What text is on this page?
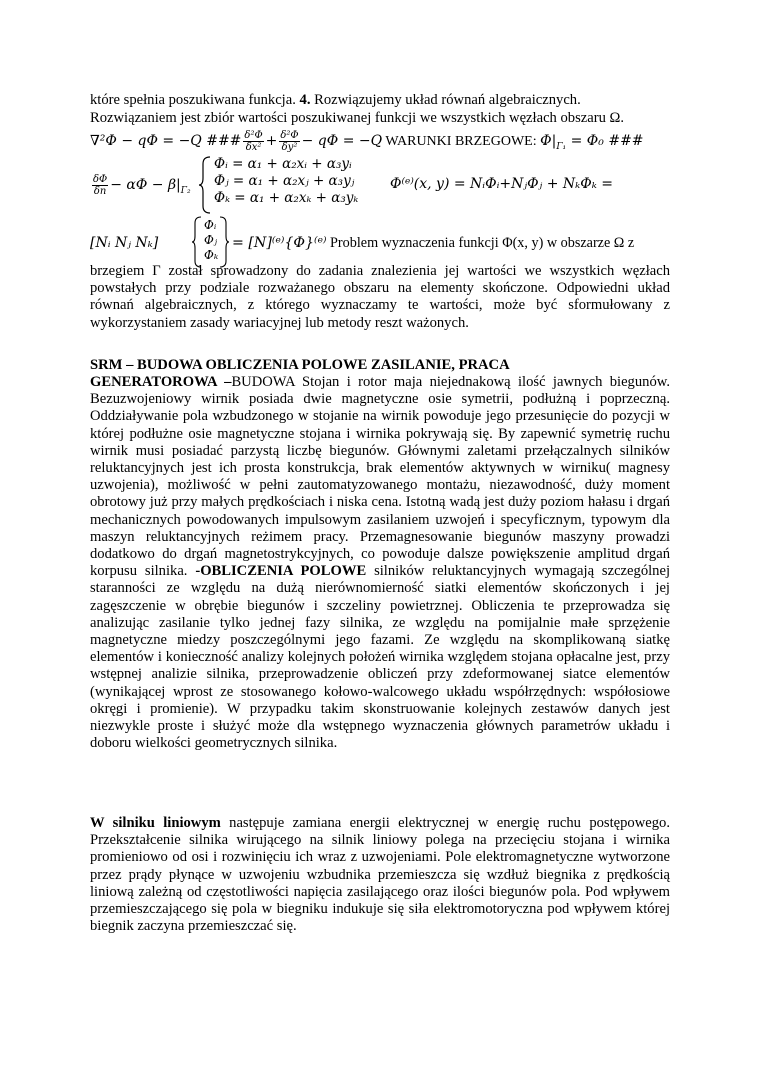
które spełnia poszukiwana funkcja. 4. Rozwiązujemy układ równań algebraicznych.
Rozwiązaniem jest zbiór wartości poszukiwanej funkcji we wszystkich węzłach obszaru Ω.
∇²Φ − qΦ = −Q ### $\frac{\text{δ²Φ}}{\text{δx²}} + \frac{\text{δ²Φ}}{\text{δy²}} - q\Phi = -Q$ WARUNKI BRZEGOWE: $\Phi|_{\Gamma_1} = \Phi_0$ ###
$\frac{\delta\Phi}{\delta n} - \alpha\Phi - \beta|_{\Gamma_2}$
Φᵢ = α₁ + α₂xᵢ + α₃yᵢ
Φⱼ = α₁ + α₂xⱼ + α₃yⱼ
Φₖ = α₁ + α₂xₖ + α₃yₖ
Φ⁽ᵉ⁾(x, y) = NᵢΦᵢ+NⱼΦⱼ + NₖΦₖ =
[Nᵢ Nⱼ Nₖ]
Φᵢ
Φⱼ
Φₖ
= [N]⁽ᵉ⁾{Φ}⁽ᵉ⁾ Problem wyznaczenia funkcji Φ(x, y) w obszarze Ω z

brzegiem Γ został sprowadzony do zadania znalezienia jej wartości we wszystkich węzłach powstałych przy podziale rozważanego obszaru na elementy skończone. Odpowiedni układ równań algebraicznych, z którego wyznaczamy te wartości, może być sformułowany z wykorzystaniem zasady wariacyjnej lub metody reszt ważonych.

SRM – BUDOWA OBLICZENIA POLOWE ZASILANIE, PRACA

GENERATOROWA –BUDOWA Stojan i rotor maja niejednakową ilość jawnych biegunów. Bezuzwojeniowy wirnik posiada dwie magnetyczne osie symetrii, podłużną i poprzeczną. Oddziaływanie pola wzbudzonego w stojanie na wirnik powoduje jego przesunięcie do pozycji w której podłużne osie magnetyczne stojana i wirnika pokrywają się. By zapewnić symetrię ruchu wirnik musi posiadać parzystą liczbę biegunów. Głównymi zaletami przełączalnych silników reluktancyjnych jest ich prosta konstrukcja, brak elementów aktywnych w wirniku( magnesy uzwojenia), możliwość w pełni zautomatyzowanego montażu, niezawodność, duży moment obrotowy już przy małych prędkościach i niska cena. Istotną wadą jest duży poziom hałasu i drgań mechanicznych powodowanych impulsowym zasilaniem uzwojeń i specyficznym, typowym dla maszyn reluktancyjnych reżimem pracy. Przemagnesowanie biegunów maszyny prowadzi dodatkowo do drgań magnetostrykcyjnych, co powoduje dalsze powiększenie amplitud drgań korpusu silnika. -OBLICZENIA POLOWE silników reluktancyjnych wymagają szczególnej staranności ze względu na dużą nierównomierność siatki elementów skończonych i jej zagęszczenie w obrębie biegunów i szczeliny powietrznej. Obliczenia te przeprowadza się analizując zasilanie tylko jednej fazy silnika, ze względu na pomijalnie małe sprzężenie magnetyczne miedzy poszczególnymi jego fazami. Ze względu na skomplikowaną siatkę elementów i konieczność analizy kolejnych położeń wirnika względem stojana opłacalne jest, przy wstępnej analizie silnika, przeprowadzenie obliczeń przy zdeformowanej siatce elementów (wynikającej wprost ze stosowanego kołowo-walcowego układu współrzędnych: współosiowe okręgi i promienie). W przypadku takim skonstruowanie kolejnych zestawów danych jest niezwykle proste i służyć może dla wstępnego wyznaczenia głównych parametrów układu i doboru wielkości geometrycznych silnika.

W silniku liniowym następuje zamiana energii elektrycznej w energię ruchu postępowego. Przekształcenie silnika wirującego na silnik liniowy polega na przecięciu stojana i wirnika promieniowo od osi i rozwinięciu ich wraz z uzwojeniami. Pole elektromagnetyczne wytworzone przez prądy płynące w uzwojeniu wzbudnika przemieszcza się wzdłuż biegnika z prędkością liniową zależną od częstotliwości napięcia zasilającego oraz ilości biegunów pola. Pod wpływem przemieszczającego się pola w biegniku indukuje się siła elektromotoryczna pod wpływem której biegnik zaczyna przemieszczać się.
